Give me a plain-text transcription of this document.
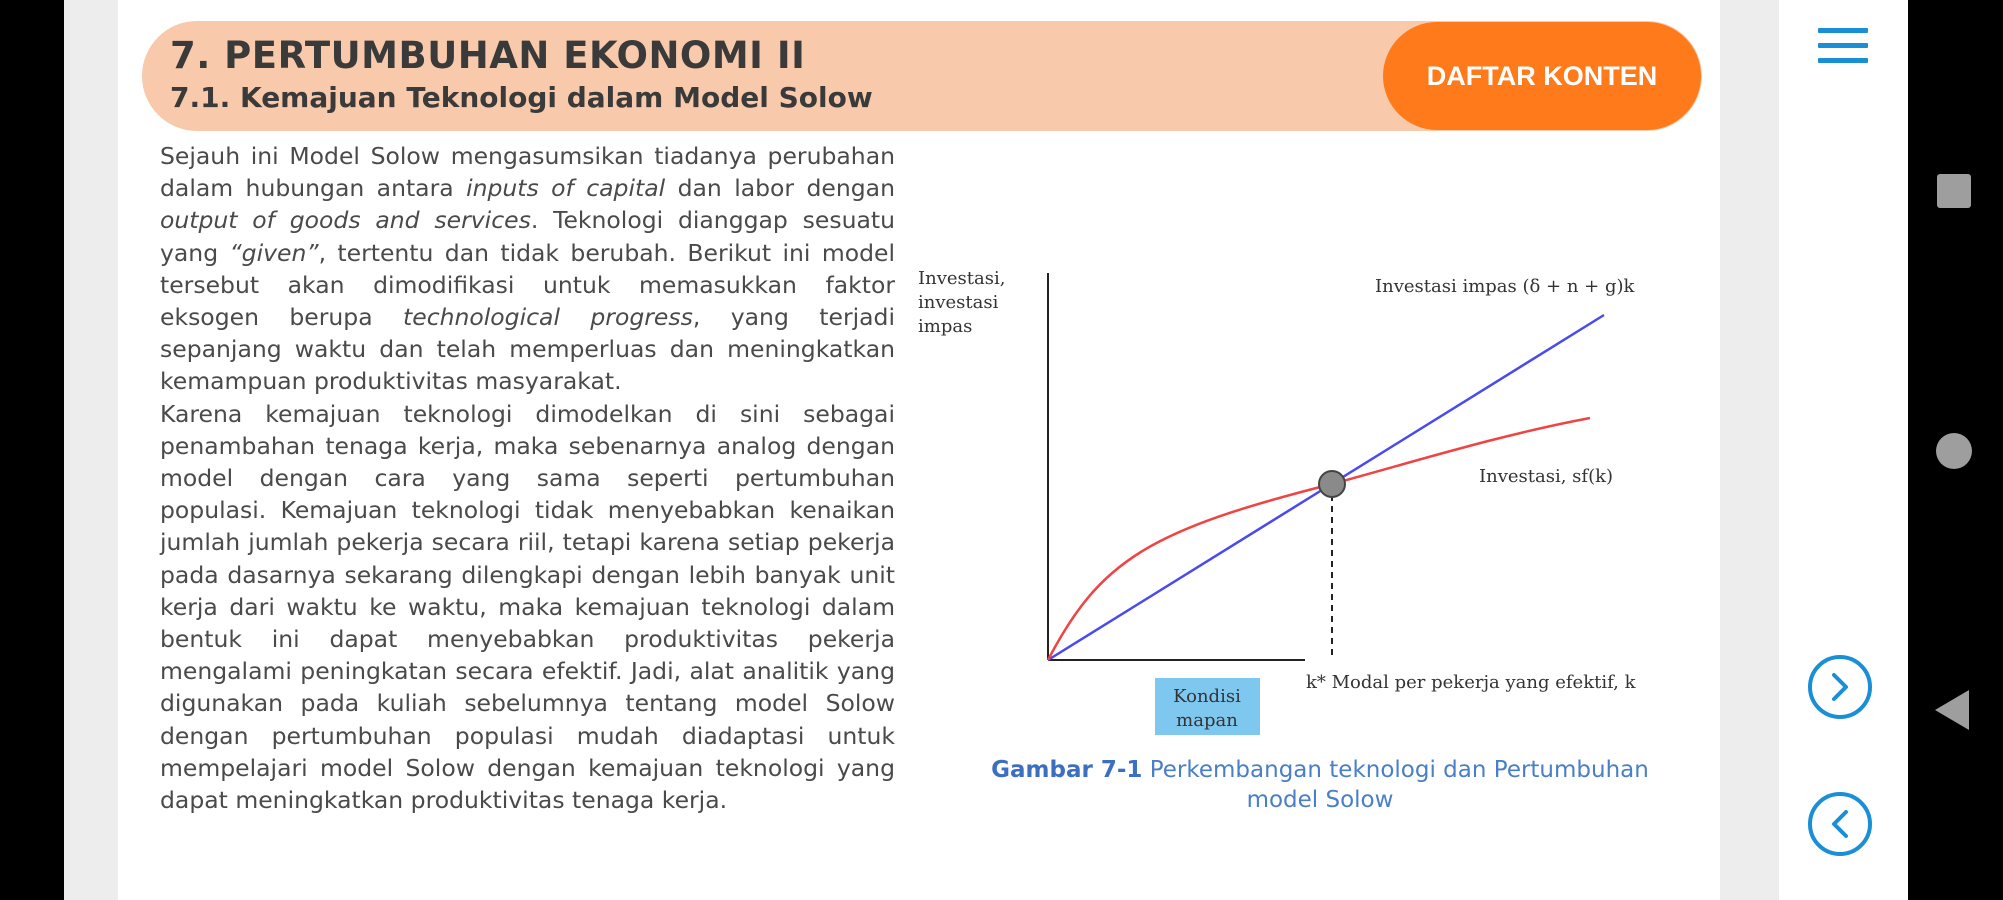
7. PERTUMBUHAN EKONOMI II
7.1. Kemajuan Teknologi dalam Model Solow
DAFTAR KONTEN

Sejauh ini Model Solow mengasumsikan tiadanya perubahan dalam hubungan antara inputs of capital dan labor dengan output of goods and services. Teknologi dianggap sesuatu yang “given”, tertentu dan tidak berubah. Berikut ini model tersebut akan dimodifikasi untuk memasukkan faktor eksogen berupa technological progress, yang terjadi sepanjang waktu dan telah memperluas dan meningkatkan kemampuan produktivitas masyarakat.

Karena kemajuan teknologi dimodelkan di sini sebagai penambahan tenaga kerja, maka sebenarnya analog dengan model dengan cara yang sama seperti pertumbuhan populasi. Kemajuan teknologi tidak menyebabkan kenaikan jumlah jumlah pekerja secara riil, tetapi karena setiap pekerja pada dasarnya sekarang dilengkapi dengan lebih banyak unit kerja dari waktu ke waktu, maka kemajuan teknologi dalam bentuk ini dapat menyebabkan produktivitas pekerja mengalami peningkatan secara efektif. Jadi, alat analitik yang digunakan pada kuliah sebelumnya tentang model Solow dengan pertumbuhan populasi mudah diadaptasi untuk mempelajari model Solow dengan kemajuan teknologi yang dapat meningkatkan produktivitas tenaga kerja.

Investasi,
investasi
impas
Investasi impas (δ + n + g)k
Investasi, sf(k)
k* Modal per pekerja yang efektif, k
Kondisi
mapan
Gambar 7-1 Perkembangan teknologi dan Pertumbuhan model Solow
